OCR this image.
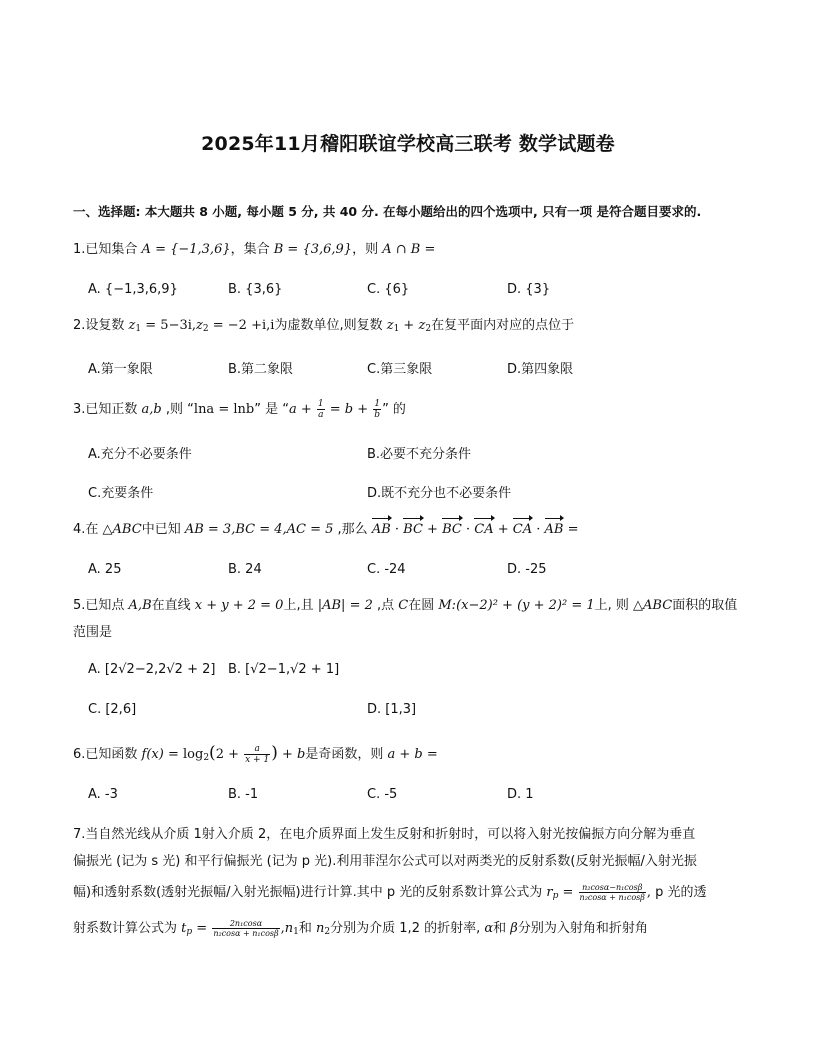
2025年11月稽阳联谊学校高三联考 数学试题卷
一、选择题: 本大题共 8 小题, 每小题 5 分, 共 40 分. 在每小题给出的四个选项中, 只有一项 是符合题目要求的.
1.已知集合 A = {−1,3,6}，集合 B = {3,6,9}，则 A ∩ B =
A. {−1,3,6,9}	B. {3,6}	C. {6}	D. {3}
2.设复数 $z_1 = 5-3i,z_2 = -2 +i,i$为虚数单位,则复数 $z_1 + z_2$在复平面内对应的点位于
A.第一象限	B.第二象限	C.第三象限	D.第四象限
3.已知正数 a,b ,则 “lna = lnb” 是 “$a + \frac{1}{a} = b + \frac{1}{b}$ ” 的
A.充分不必要条件	B.必要不充分条件
C.充要条件	D.既不充分也不必要条件
4.在 △ABC中已知 AB = 3,BC = 4,AC = 5 ,那么 AB · BC + BC · CA + CA · AB =
A. 25	B. 24	C. -24	D. -25
5.已知点 A,B在直线 x + y + 2 = 0上,且 |AB| = 2 ,点 C在圆 M:(x−2)² + (y + 2)² = 1上, 则 △ABC面积的取值
范围是
A. [2√2−2,2√2 + 2] B. [√2−1,√2 + 1]
C. [2,6]	D. [1,3]
6.已知函数 $f(x) = \log_2(2 + \frac{a}{x + 1}$ ) + b是奇函数，则 a + b =
A. -3	B. -1	C. -5	D. 1
7.当自然光线从介质 1射入介质 2，在电介质界面上发生反射和折射时，可以将入射光按偏振方向分解为垂直
偏振光 (记为 s 光) 和平行偏振光 (记为 p 光).利用菲涅尔公式可以对两类光的反射系数(反射光振幅/入射光振
幅)和透射系数(透射光振幅/入射光振幅)进行计算.其中 p 光的反射系数计算公式为 $r_p = \frac{\text{n₂cosα−n₁cosβ}}{\text{n₂cosα + n₁cosβ}}$ , p 光的透
射系数计算公式为 $t_p = \frac{\text{2n₁cosα}}{\text{n₂cosα + n₁cosβ}} ,n_1$和 $n_2$分别为介质 1,2 的折射率, α和 β分别为入射角和折射角
